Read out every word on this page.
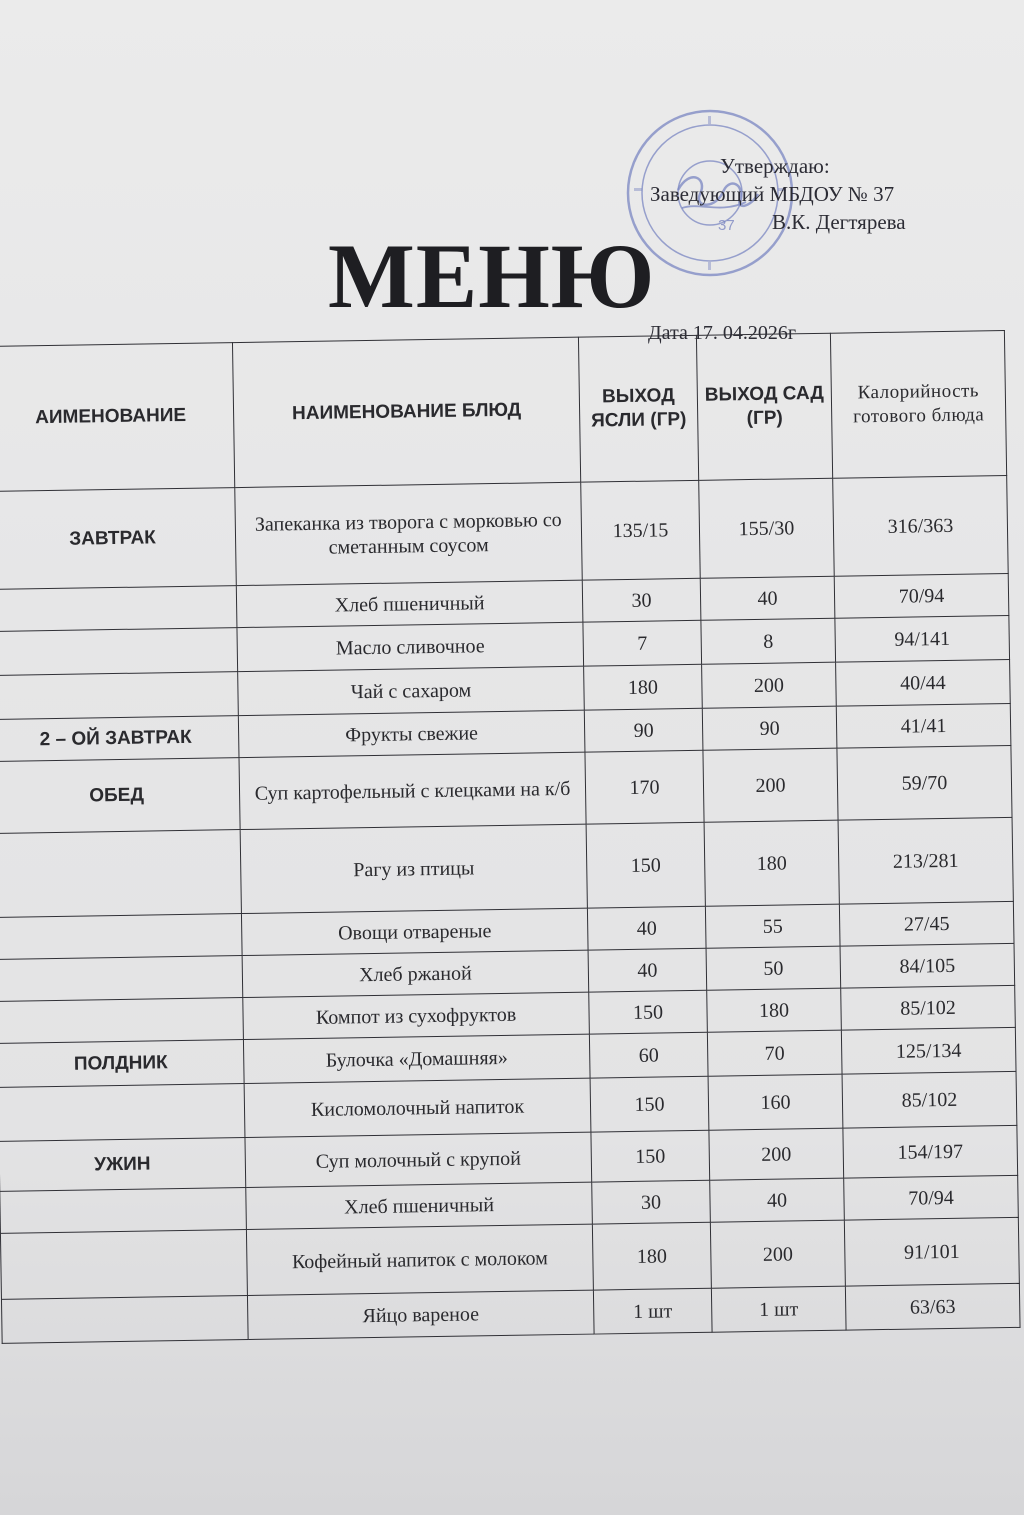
37
Утверждаю:
Заведующий МБДОУ № 37
В.К. Дегтярева
МЕНЮ
Дата 17. 04.2026г
АИМЕНОВАНИЕ	НАИМЕНОВАНИЕ БЛЮД	ВЫХОД ЯСЛИ (ГР)	ВЫХОД САД (ГР)	Калорийность готового блюда
ЗАВТРАК	Запеканка из творога с морковью со сметанным соусом	135/15	155/30	316/363
	Хлеб пшеничный	30	40	70/94
	Масло сливочное	7	8	94/141
	Чай с сахаром	180	200	40/44
2 – ОЙ ЗАВТРАК	Фрукты свежие	90	90	41/41
ОБЕД	Суп картофельный с клецками на к/б	170	200	59/70
	Рагу из птицы	150	180	213/281
	Овощи отвареные	40	55	27/45
	Хлеб ржаной	40	50	84/105
	Компот из сухофруктов	150	180	85/102
ПОЛДНИК	Булочка «Домашняя»	60	70	125/134
	Кисломолочный напиток	150	160	85/102
УЖИН	Суп молочный с крупой	150	200	154/197
	Хлеб пшеничный	30	40	70/94
	Кофейный напиток с молоком	180	200	91/101
	Яйцо вареное	1 шт	1 шт	63/63
